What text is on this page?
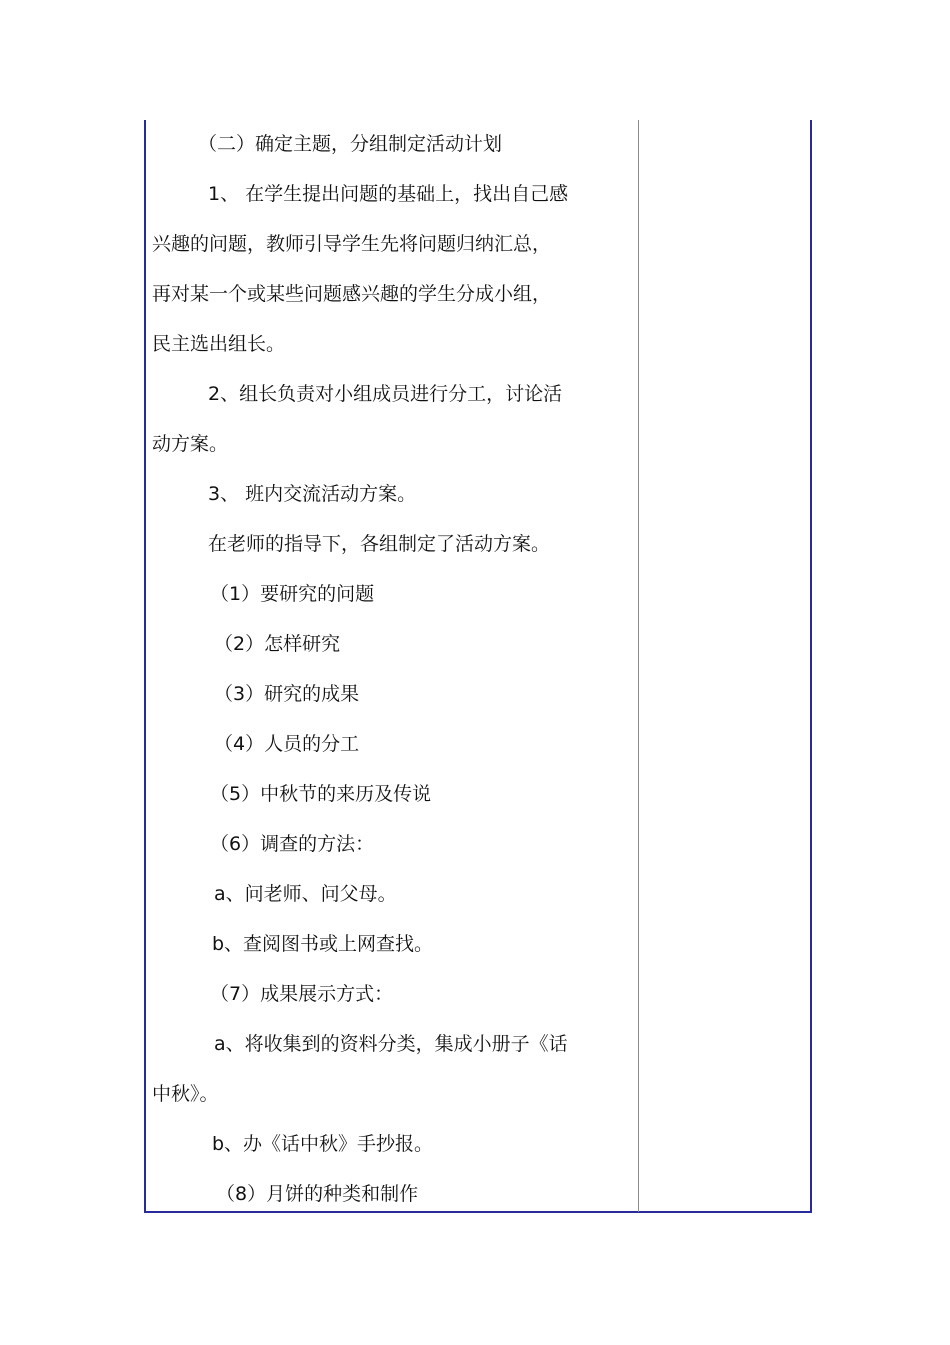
（二）确定主题，分组制定活动计划
1、 在学生提出问题的基础上，找出自己感
兴趣的问题，教师引导学生先将问题归纳汇总，
再对某一个或某些问题感兴趣的学生分成小组，
民主选出组长。
2、组长负责对小组成员进行分工，讨论活
动方案。
3、 班内交流活动方案。
在老师的指导下，各组制定了活动方案。
（1）要研究的问题
（2）怎样研究
（3）研究的成果
（4）人员的分工
（5）中秋节的来历及传说
（6）调查的方法：
a、问老师、问父母。
b、查阅图书或上网查找。
（7）成果展示方式：
a、将收集到的资料分类，集成小册子《话
中秋》。
b、办《话中秋》手抄报。
（8）月饼的种类和制作
